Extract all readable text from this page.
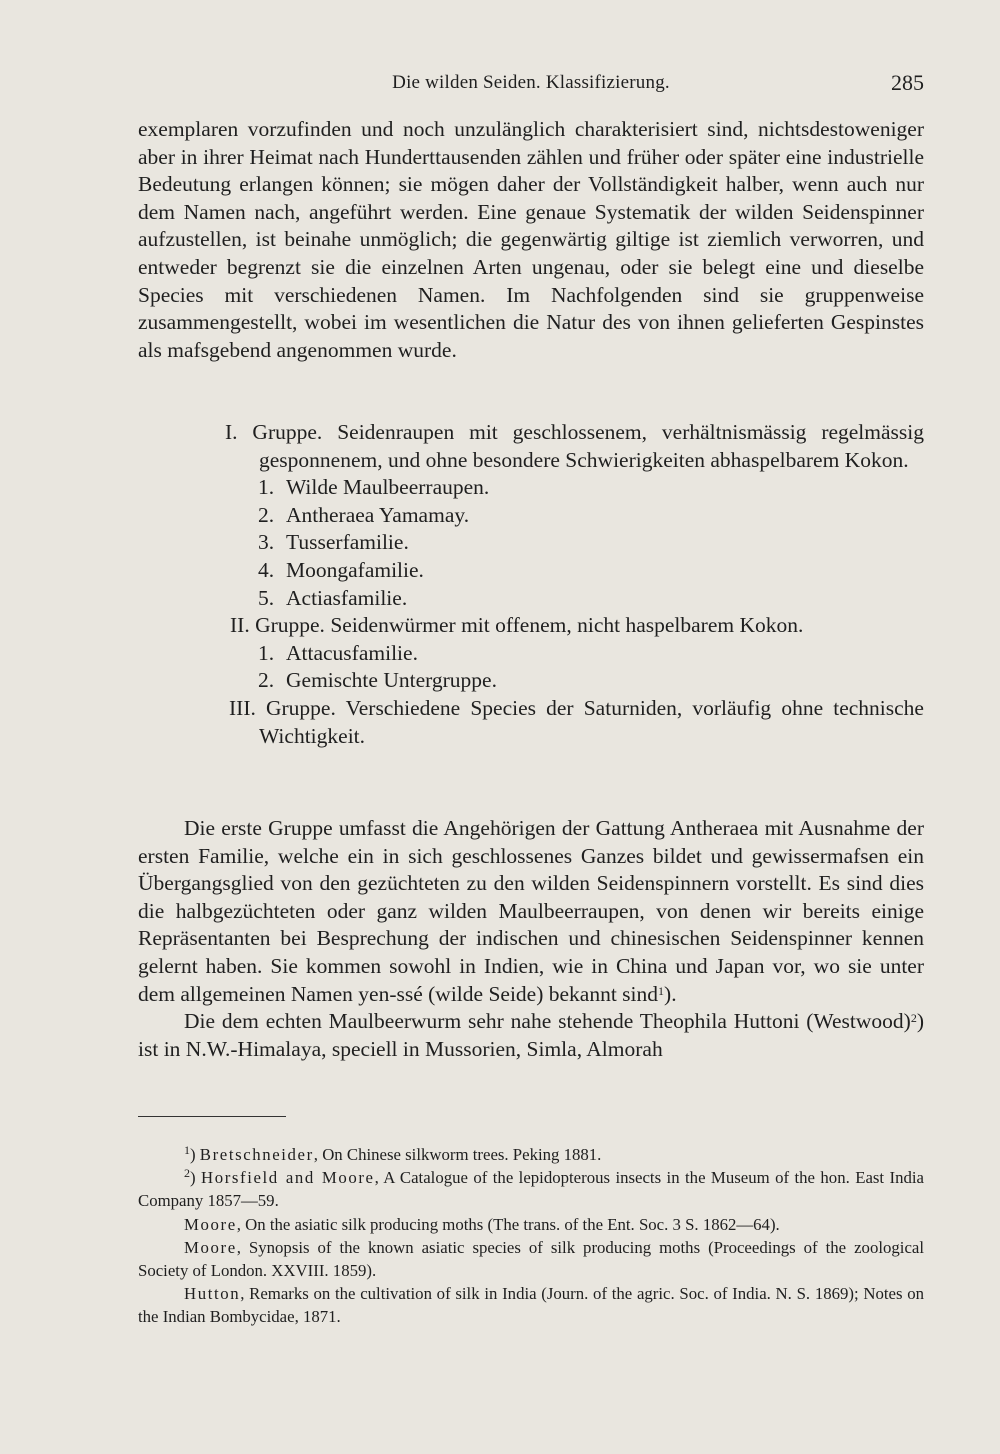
Die wilden Seiden. Klassifizierung.	285

exemplaren vorzufinden und noch unzulänglich charakterisiert sind, nichtsdestoweniger aber in ihrer Heimat nach Hunderttausenden zählen und früher oder später eine industrielle Bedeutung erlangen können; sie mögen daher der Vollständigkeit halber, wenn auch nur dem Namen nach, angeführt werden. Eine genaue Systematik der wilden Seidenspinner aufzustellen, ist beinahe unmöglich; die gegenwärtig giltige ist ziemlich verworren, und entweder begrenzt sie die einzelnen Arten ungenau, oder sie belegt eine und dieselbe Species mit verschiedenen Namen. Im Nachfolgenden sind sie gruppenweise zusammengestellt, wobei im wesentlichen die Natur des von ihnen gelieferten Gespinstes als mafsgebend angenommen wurde.

I. Gruppe. Seidenraupen mit geschlossenem, verhältnismässig regelmässig gesponnenem, und ohne besondere Schwierigkeiten abhaspelbarem Kokon.
1. Wilde Maulbeerraupen.
2. Antheraea Yamamay.
3. Tusserfamilie.
4. Moongafamilie.
5. Actiasfamilie.
II. Gruppe. Seidenwürmer mit offenem, nicht haspelbarem Kokon.
1. Attacusfamilie.
2. Gemischte Untergruppe.
III. Gruppe. Verschiedene Species der Saturniden, vorläufig ohne technische Wichtigkeit.

Die erste Gruppe umfasst die Angehörigen der Gattung Antheraea mit Ausnahme der ersten Familie, welche ein in sich geschlossenes Ganzes bildet und gewissermafsen ein Übergangsglied von den gezüchteten zu den wilden Seidenspinnern vorstellt. Es sind dies die halbgezüchteten oder ganz wilden Maulbeerraupen, von denen wir bereits einige Repräsentanten bei Besprechung der indischen und chinesischen Seidenspinner kennen gelernt haben. Sie kommen sowohl in Indien, wie in China und Japan vor, wo sie unter dem allgemeinen Namen yen-ssé (wilde Seide) bekannt sind$^1$).

Die dem echten Maulbeerwurm sehr nahe stehende Theophila Huttoni (Westwood)$^2$) ist in N.W.-Himalaya, speciell in Mussorien, Simla, Almorah

$^1$) Bretschneider, On Chinese silkworm trees. Peking 1881.

$^2$) Horsfield and Moore, A Catalogue of the lepidopterous insects in the Museum of the hon. East India Company 1857—59.

Moore, On the asiatic silk producing moths (The trans. of the Ent. Soc. 3 S. 1862—64).

Moore, Synopsis of the known asiatic species of silk producing moths (Proceedings of the zoological Society of London. XXVIII. 1859).

Hutton, Remarks on the cultivation of silk in India (Journ. of the agric. Soc. of India. N. S. 1869); Notes on the Indian Bombycidae, 1871.
